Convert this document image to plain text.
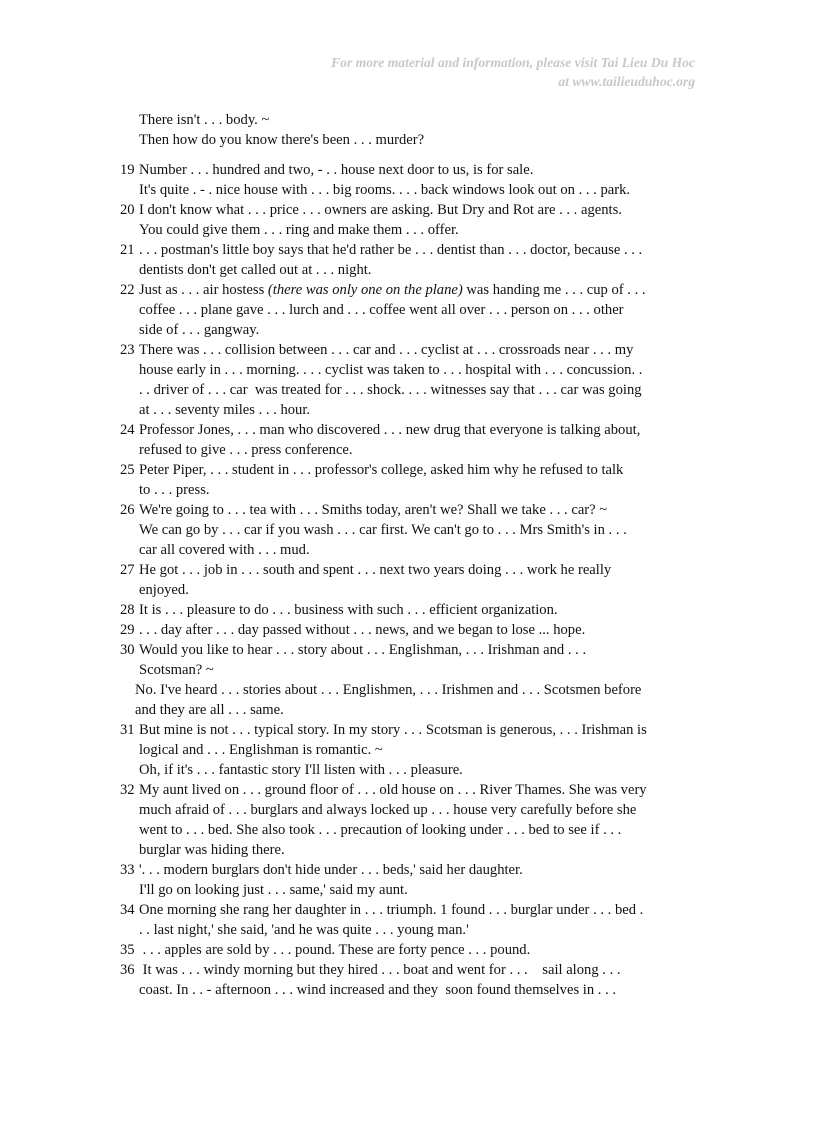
For more material and information, please visit Tai Lieu Du Hoc
at www.tailieuduhoc.org
There isn't . . . body. ~
Then how do you know there's been . . . murder?
19 Number . . . hundred and two, - . . house next door to us, is for sale.
It's quite . - . nice house with . . . big rooms. . . . back windows look out on . . . park.
20 I don't know what . . . price . . . owners are asking. But Dry and Rot are . . . agents.
You could give them . . . ring and make them . . . offer.
21 . . . postman's little boy says that he'd rather be . . . dentist than . . . doctor, because . . .
dentists don't get called out at . . . night.
22 Just as . . . air hostess (there was only one on the plane) was handing me . . . cup of . . .
coffee . . . plane gave . . . lurch and . . . coffee went all over . . . person on . . . other
side of . . . gangway.
23 There was . . . collision between . . . car and . . . cyclist at . . . crossroads near . . . my
house early in . . . morning. . . . cyclist was taken to . . . hospital with . . . concussion. .
. . driver of . . . car  was treated for . . . shock. . . . witnesses say that . . . car was going
at . . . seventy miles . . . hour.
24 Professor Jones, . . . man who discovered . . . new drug that everyone is talking about,
refused to give . . . press conference.
25 Peter Piper, . . . student in . . . professor's college, asked him why he refused to talk
to . . . press.
26 We're going to . . . tea with . . . Smiths today, aren't we? Shall we take . . . car? ~
We can go by . . . car if you wash . . . car first. We can't go to . . . Mrs Smith's in . . .
car all covered with . . . mud.
27 He got . . . job in . . . south and spent . . . next two years doing . . . work he really
enjoyed.
28 It is . . . pleasure to do . . . business with such . . . efficient organization.
29 . . . day after . . . day passed without . . . news, and we began to lose ... hope.
30 Would you like to hear . . . story about . . . Englishman, . . . Irishman and . . .
Scotsman? ~
No. I've heard . . . stories about . . . Englishmen, . . . Irishmen and . . . Scotsmen before
and they are all . . . same.
31 But mine is not . . . typical story. In my story . . . Scotsman is generous, . . . Irishman is
logical and . . . Englishman is romantic. ~
Oh, if it's . . . fantastic story I'll listen with . . . pleasure.
32 My aunt lived on . . . ground floor of . . . old house on . . . River Thames. She was very
much afraid of . . . burglars and always locked up . . . house very carefully before she
went to . . . bed. She also took . . . precaution of looking under . . . bed to see if . . .
burglar was hiding there.
33 '. . . modern burglars don't hide under . . . beds,' said her daughter.
I'll go on looking just . . . same,' said my aunt.
34 One morning she rang her daughter in . . . triumph. 1 found . . . burglar under . . . bed .
. . last night,' she said, 'and he was quite . . . young man.'
35 . . . apples are sold by . . . pound. These are forty pence . . . pound.
36 It was . . . windy morning but they hired . . . boat and went for . . .    sail along . . .
coast. In . . - afternoon . . . wind increased and they  soon found themselves in . . .
